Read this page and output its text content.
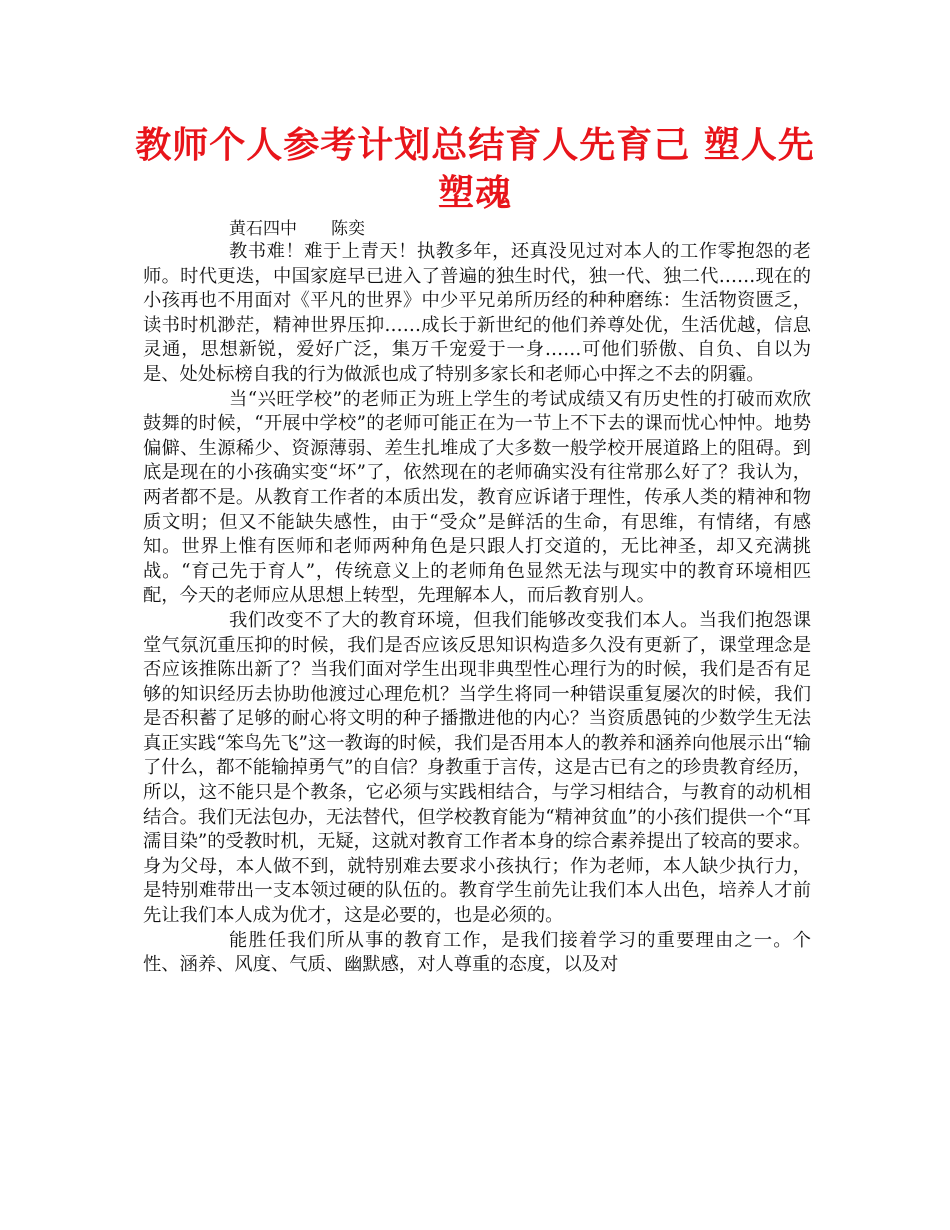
教师个人参考计划总结育人先育己 塑人先塑魂
黄石四中　　陈奕

教书难！难于上青天！执教多年，还真没见过对本人的工作零抱怨的老师。时代更迭，中国家庭早已进入了普遍的独生时代，独一代、独二代……现在的小孩再也不用面对《平凡的世界》中少平兄弟所历经的种种磨练：生活物资匮乏，读书时机渺茫，精神世界压抑……成长于新世纪的他们养尊处优，生活优越，信息灵通，思想新锐，爱好广泛，集万千宠爱于一身……可他们骄傲、自负、自以为是、处处标榜自我的行为做派也成了特别多家长和老师心中挥之不去的阴霾。

当“兴旺学校”的老师正为班上学生的考试成绩又有历史性的打破而欢欣鼓舞的时候，“开展中学校”的老师可能正在为一节上不下去的课而忧心忡忡。地势偏僻、生源稀少、资源薄弱、差生扎堆成了大多数一般学校开展道路上的阻碍。到底是现在的小孩确实变“坏”了，依然现在的老师确实没有往常那么好了？我认为，两者都不是。从教育工作者的本质出发，教育应诉诸于理性，传承人类的精神和物质文明；但又不能缺失感性，由于“受众”是鲜活的生命，有思维，有情绪，有感知。世界上惟有医师和老师两种角色是只跟人打交道的，无比神圣，却又充满挑战。“育己先于育人”，传统意义上的老师角色显然无法与现实中的教育环境相匹配，今天的老师应从思想上转型，先理解本人，而后教育别人。

我们改变不了大的教育环境，但我们能够改变我们本人。当我们抱怨课堂气氛沉重压抑的时候，我们是否应该反思知识构造多久没有更新了，课堂理念是否应该推陈出新了？当我们面对学生出现非典型性心理行为的时候，我们是否有足够的知识经历去协助他渡过心理危机？当学生将同一种错误重复屡次的时候，我们是否积蓄了足够的耐心将文明的种子播撒进他的内心？当资质愚钝的少数学生无法真正实践“笨鸟先飞”这一教诲的时候，我们是否用本人的教养和涵养向他展示出“输了什么，都不能输掉勇气”的自信？身教重于言传，这是古已有之的珍贵教育经历，所以，这不能只是个教条，它必须与实践相结合，与学习相结合，与教育的动机相结合。我们无法包办，无法替代，但学校教育能为“精神贫血”的小孩们提供一个“耳濡目染”的受教时机，无疑，这就对教育工作者本身的综合素养提出了较高的要求。身为父母，本人做不到，就特别难去要求小孩执行；作为老师，本人缺少执行力，是特别难带出一支本领过硬的队伍的。教育学生前先让我们本人出色，培养人才前先让我们本人成为优才，这是必要的，也是必须的。

能胜任我们所从事的教育工作，是我们接着学习的重要理由之一。个性、涵养、风度、气质、幽默感，对人尊重的态度，以及对
